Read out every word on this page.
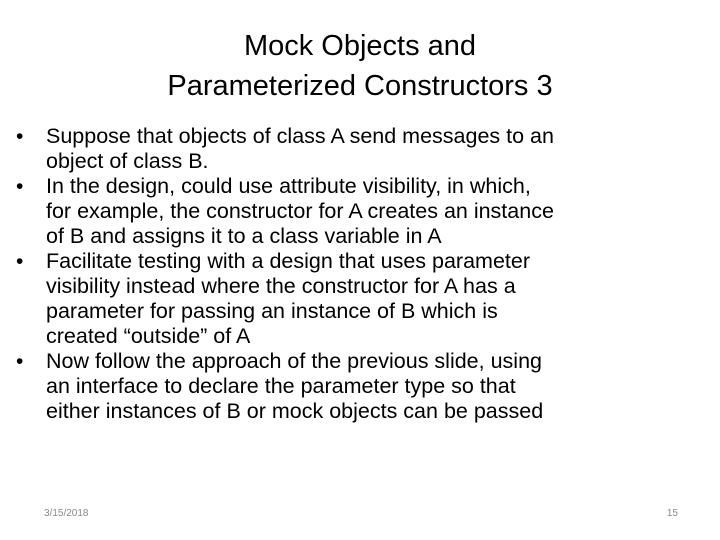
Mock Objects and
Parameterized Constructors 3
•	Suppose that objects of class A send messages to an
object of class B.
•	In the design, could use attribute visibility, in which,
for example, the constructor for A creates an instance
of B and assigns it to a class variable in A
•	Facilitate testing with a design that uses parameter
visibility instead where the constructor for A has a
parameter for passing an instance of B which is
created “outside” of A
•	Now follow the approach of the previous slide, using
an interface to declare the parameter type so that
either instances of B or mock objects can be passed
3/15/2018	15
